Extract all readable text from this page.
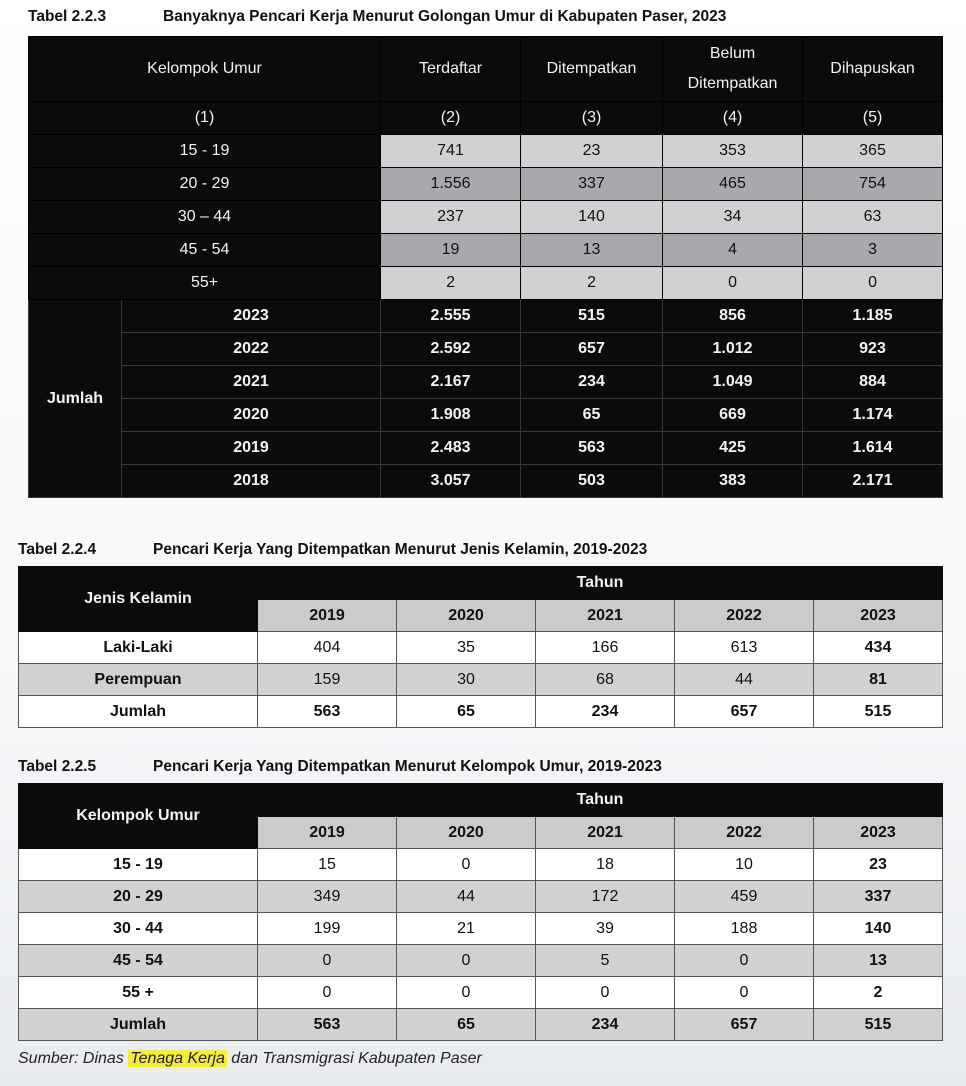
Tabel 2.2.3	Banyaknya Pencari Kerja Menurut Golongan Umur di Kabupaten Paser, 2023
Kelompok Umur		Terdaftar	Ditempatkan	Belum Ditempatkan	Dihapuskan
(1)		(2)	(3)	(4)	(5)
15 - 19		741	23	353	365
20 - 29		1.556	337	465	754
30 – 44		237	140	34	63
45 - 54		19	13	4	3
55+		2	2	0	0
Jumlah	2023	2.555	515	856	1.185
	2022	2.592	657	1.012	923
	2021	2.167	234	1.049	884
	2020	1.908	65	669	1.174
	2019	2.483	563	425	1.614
	2018	3.057	503	383	2.171
Tabel 2.2.4	Pencari Kerja Yang Ditempatkan Menurut Jenis Kelamin, 2019-2023
Jenis Kelamin	Tahun				
	2019	2020	2021	2022	2023
Laki-Laki	404	35	166	613	434
Perempuan	159	30	68	44	81
Jumlah	563	65	234	657	515
Tabel 2.2.5	Pencari Kerja Yang Ditempatkan Menurut Kelompok Umur, 2019-2023
Kelompok Umur	Tahun				
	2019	2020	2021	2022	2023
15 - 19	15	0	18	10	23
20 - 29	349	44	172	459	337
30 - 44	199	21	39	188	140
45 - 54	0	0	5	0	13
55 +	0	0	0	0	2
Jumlah	563	65	234	657	515
Sumber: Dinas Tenaga Kerja dan Transmigrasi Kabupaten Paser
